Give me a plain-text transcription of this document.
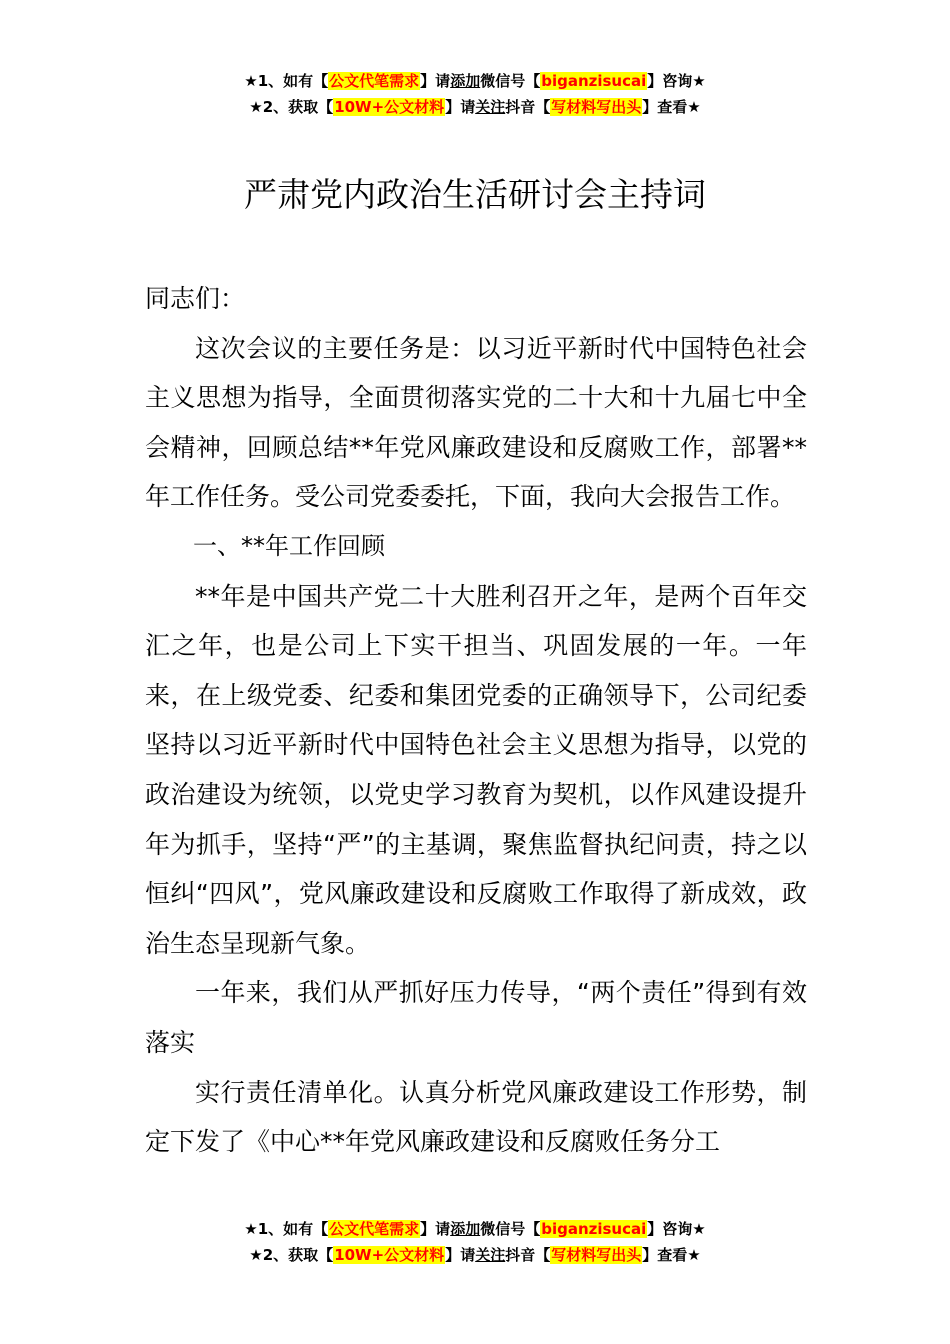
★1、如有【公文代笔需求】请添加微信号【biganzisucai】咨询★
★2、获取【10W+公文材料】请关注抖音【写材料写出头】查看★
严肃党内政治生活研讨会主持词

同志们：

这次会议的主要任务是：以习近平新时代中国特色社会主义思想为指导，全面贯彻落实党的二十大和十九届七中全会精神，回顾总结**年党风廉政建设和反腐败工作，部署**年工作任务。受公司党委委托，下面，我向大会报告工作。

一、**年工作回顾

**年是中国共产党二十大胜利召开之年，是两个百年交汇之年，也是公司上下实干担当、巩固发展的一年。一年来，在上级党委、纪委和集团党委的正确领导下，公司纪委坚持以习近平新时代中国特色社会主义思想为指导，以党的政治建设为统领，以党史学习教育为契机，以作风建设提升年为抓手，坚持“严”的主基调，聚焦监督执纪问责，持之以恒纠“四风”，党风廉政建设和反腐败工作取得了新成效，政治生态呈现新气象。

一年来，我们从严抓好压力传导，“两个责任”得到有效落实

实行责任清单化。认真分析党风廉政建设工作形势，制定下发了《中心**年党风廉政建设和反腐败任务分工

★1、如有【公文代笔需求】请添加微信号【biganzisucai】咨询★
★2、获取【10W+公文材料】请关注抖音【写材料写出头】查看★
